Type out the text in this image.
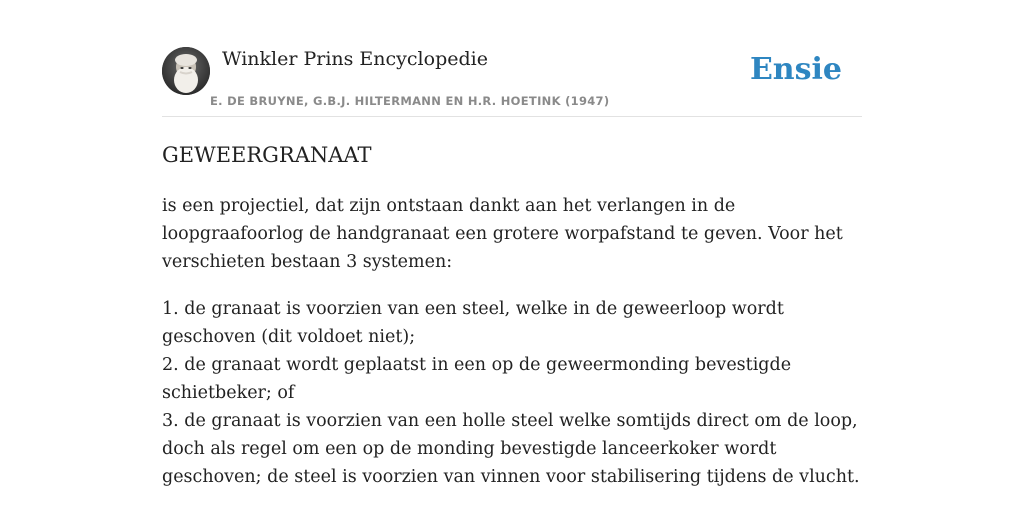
Winkler Prins Encyclopedie
E. DE BRUYNE, G.B.J. HILTERMANN EN H.R. HOETINK (1947)
Ensie
GEWEERGRANAAT

is een projectiel, dat zijn ontstaan dankt aan het verlangen in de loopgraafoorlog de handgranaat een grotere worpafstand te geven. Voor het verschieten bestaan 3 systemen:

1. de granaat is voorzien van een steel, welke in de geweerloop wordt geschoven (dit voldoet niet);

2. de granaat wordt geplaatst in een op de geweermonding bevestigde schietbeker; of

3. de granaat is voorzien van een holle steel welke somtijds direct om de loop, doch als regel om een op de monding bevestigde lanceerkoker wordt geschoven; de steel is voorzien van vinnen voor stabilisering tijdens de vlucht.
